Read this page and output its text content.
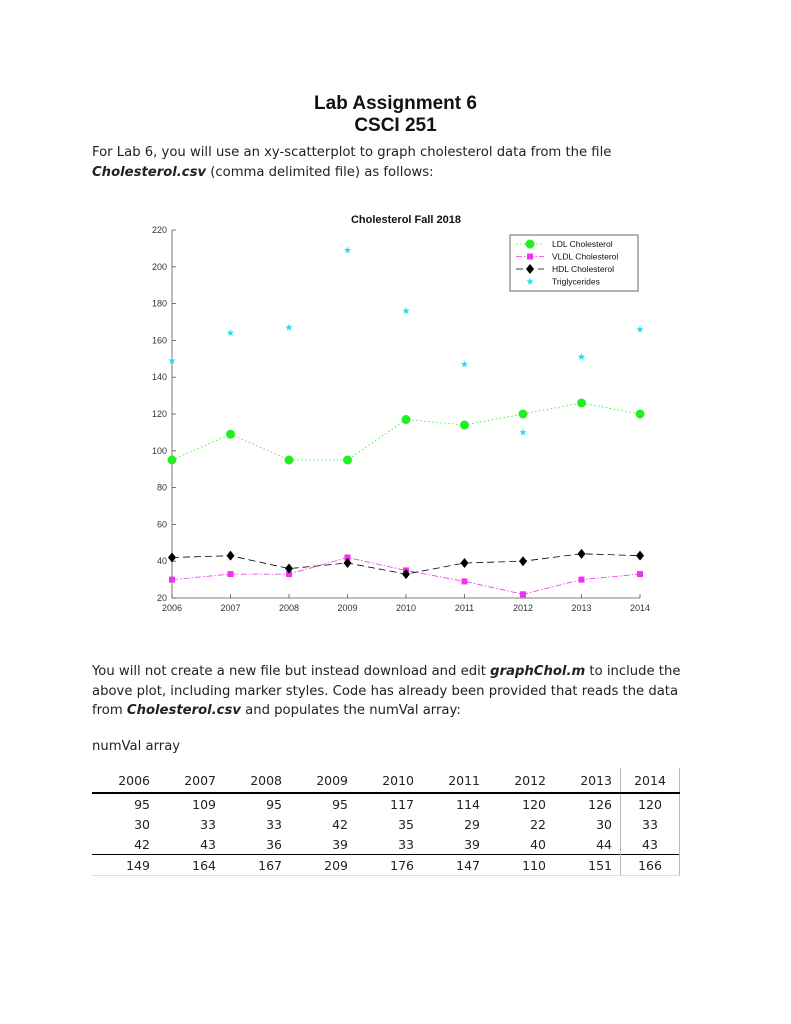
Lab Assignment 6
CSCI 251
For Lab 6, you will use an xy-scatterplot to graph cholesterol data from the file Cholesterol.csv (comma delimited file) as follows:
Cholesterol Fall 2018
20
40
60
80
100
120
140
160
180
200
220
2006	2007	2008	2009	2010	2011	2012	2013	2014
LDL Cholesterol
VLDL Cholesterol
HDL Cholesterol
Triglycerides
You will not create a new file but instead download and edit graphChol.m to include the above plot, including marker styles. Code has already been provided that reads the data from Cholesterol.csv and populates the numVal array:
numVal array
2006	2007	2008	2009	2010	2011	2012	2013	2014
95	109	95	95	117	114	120	126	120
30	33	33	42	35	29	22	30	33
42	43	36	39	33	39	40	44	43
149	164	167	209	176	147	110	151	166
